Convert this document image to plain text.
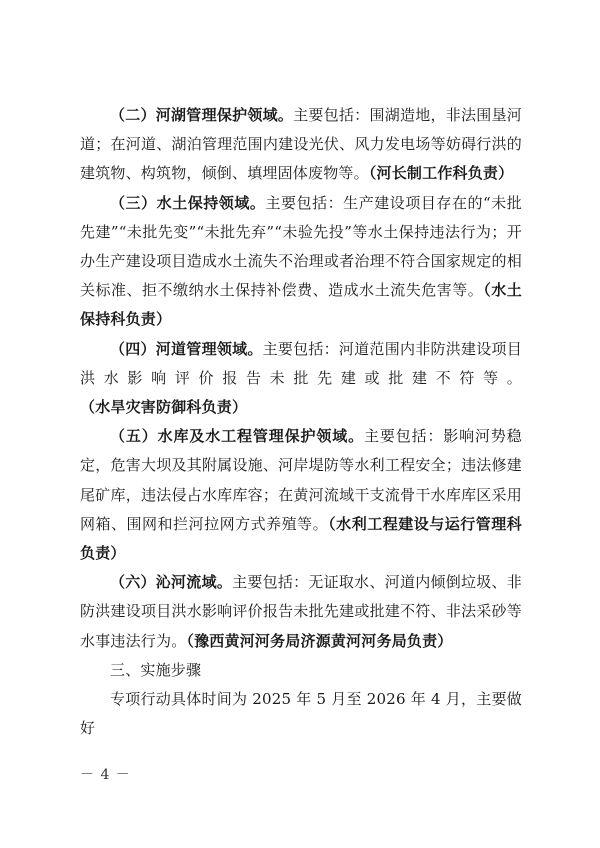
（二）河湖管理保护领域。主要包括：围湖造地，非法围垦河道；在河道、湖泊管理范围内建设光伏、风力发电场等妨碍行洪的建筑物、构筑物，倾倒、填埋固体废物等。（河长制工作科负责）

（三）水土保持领域。主要包括：生产建设项目存在的“未批先建”“未批先变”“未批先弃”“未验先投”等水土保持违法行为；开办生产建设项目造成水土流失不治理或者治理不符合国家规定的相关标准、拒不缴纳水土保持补偿费、造成水土流失危害等。（水土保持科负责）

（四）河道管理领域。主要包括：河道范围内非防洪建设项目洪水影响评价报告未批先建或批建不符等。（水旱灾害防御科负责）

（五）水库及水工程管理保护领域。主要包括：影响河势稳定，危害大坝及其附属设施、河岸堤防等水利工程安全；违法修建尾矿库，违法侵占水库库容；在黄河流域干支流骨干水库库区采用网箱、围网和拦河拉网方式养殖等。（水利工程建设与运行管理科负责）

（六）沁河流域。主要包括：无证取水、河道内倾倒垃圾、非防洪建设项目洪水影响评价报告未批先建或批建不符、非法采砂等水事违法行为。（豫西黄河河务局济源黄河河务局负责）

三、实施步骤

专项行动具体时间为 2025 年 5 月至 2026 年 4 月，主要做好

－ 4 －
